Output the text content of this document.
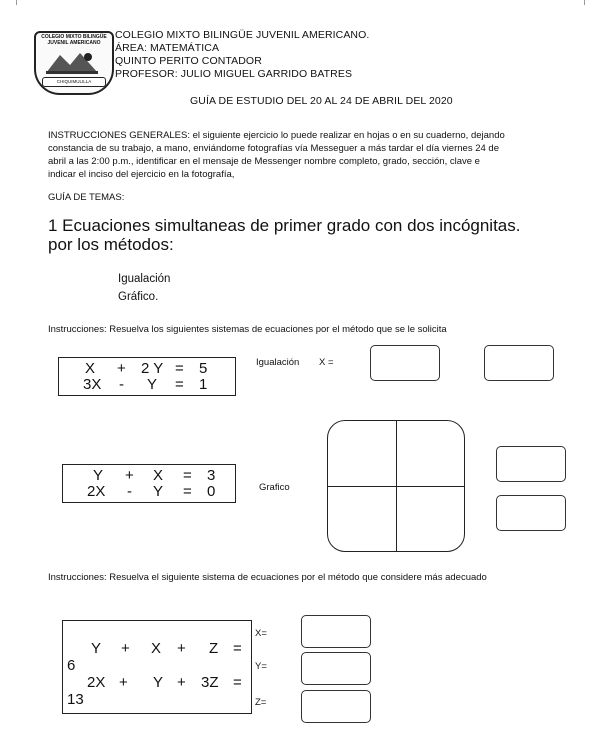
COLEGIO MIXTO BILINGÜE JUVENIL AMERICANO
CHIQUIMULILLA
COLEGIO MIXTO BILINGÜE JUVENIL AMERICANO.
ÁREA: MATEMÁTICA
QUINTO PERITO CONTADOR
PROFESOR: JULIO MIGUEL GARRIDO BATRES
GUÍA DE ESTUDIO DEL 20 AL 24 DE ABRIL DEL 2020
INSTRUCCIONES GENERALES: el siguiente ejercicio lo puede realizar en hojas o en su cuaderno, dejando
constancia de su trabajo, a mano, enviándome fotografías vía Messeguer a más tardar el día viernes 24 de
abril a las 2:00 p.m., identificar en el mensaje de Messenger nombre completo, grado, sección, clave e
indicar el inciso del ejercicio en la fotografía,
GUÍA DE TEMAS:
1 Ecuaciones simultaneas de primer grado con dos incógnitas.
por los métodos:
Igualación
Gráfico.
Instrucciones: Resuelva los siguientes sistemas de ecuaciones por el método que se le solicita
X + 2 Y = 5
3X - Y = 1
Igualación X =
Y + X = 3
2X - Y = 0	Grafico
Instrucciones: Resuelva el siguiente sistema de ecuaciones por el método que considere más adecuado
Y + X + Z =
6
2X + Y + 3Z =
13
X=
Y=
Z=
